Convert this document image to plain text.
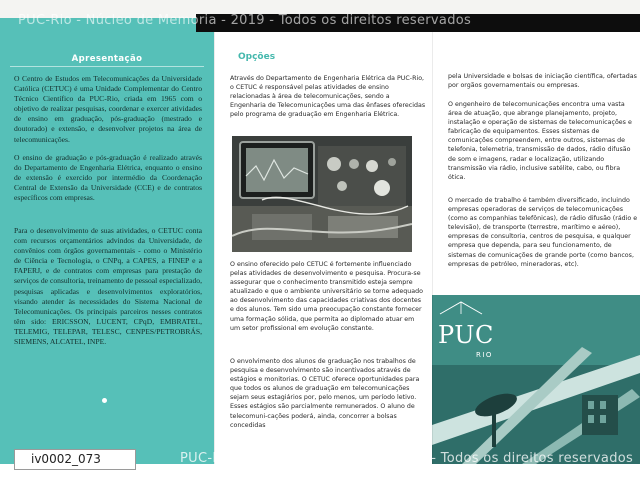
Apresentação

O Centro de Estudos em Telecomunicações da Universidade Católica (CETUC) é uma Unidade Complementar do Centro Técnico Científico da PUC-Rio, criada em 1965 com o objetivo de realizar pesquisas, coordenar e exercer atividades de ensino em graduação, pós-graduação (mestrado e doutorado) e extensão, e desenvolver projetos na área de telecomunicações.

O ensino de graduação e pós-graduação é realizado através do Departamento de Engenharia Elétrica, enquanto o ensino de extensão é exercido por intermédio da Coordenação Central de Extensão da Universidade (CCE) e de contratos específicos com empresas.

Para o desenvolvimento de suas atividades, o CETUC conta com recursos orçamentários advindos da Universidade, de convênios com órgãos governamentais - como o Ministério de Ciência e Tecnologia, o CNPq, a CAPES, a FINEP e a FAPERJ, e de contratos com empresas para prestação de serviços de consultoria, treinamento de pessoal especializado, pesquisas aplicadas e desenvolvimentos exploratórios, visando atender às necessidades do Sistema Nacional de Telecomunicações. Os principais parceiros nesses contratos têm sido: ERICSSON, LUCENT, CPqD, EMBRATEL, TELEMIG, TELEPAR, TELESC, CENPES/PETROBRÁS, SIEMENS, ALCATEL, INPE.

Opções

Através do Departamento de Engenharia Elétrica da PUC-Rio, o CETUC é responsável pelas atividades de ensino relacionadas à área de telecomunicações, sendo a Engenharia de Telecomunicações uma das ênfases oferecidas pelo programa de graduação em Engenharia Elétrica.

O ensino oferecido pelo CETUC é fortemente influenciado pelas atividades de desenvolvimento e pesquisa. Procura-se assegurar que o conhecimento transmitido esteja sempre atualizado e que o ambiente universitário se torne adequado ao desenvolvimento das capacidades criativas dos docentes e dos alunos. Tem sido uma preocupação constante fornecer uma formação sólida, que permita ao diplomado atuar em um setor profissional em evolução constante.

O envolvimento dos alunos de graduação nos trabalhos de pesquisa e desenvolvimento são incentivados através de estágios e monitorias. O CETUC oferece oportunidades para que todos os alunos de graduação em telecomunicações sejam seus estagiários por, pelo menos, um período letivo. Esses estágios são parcialmente remunerados. O aluno de telecomuni-cações poderá, ainda, concorrer a bolsas concedidas

pela Universidade e bolsas de iniciação científica, ofertadas por orgãos governamentais ou empresas.

O engenheiro de telecomunicações encontra uma vasta área de atuação, que abrange planejamento, projeto, instalação e operação de sistemas de telecomunicações e fabricação de equipamentos. Esses sistemas de comunicações compreendem, entre outros, sistemas de telefonia, telemetria, transmissão de dados, rádio difusão de som e imagens, radar e localização, utilizando transmissão via rádio, inclusive satélite, cabo, ou fibra ótica.

O mercado de trabalho é também diversificado, incluindo empresas operadoras de serviços de telecomunicações (como as companhias telefônicas), de rádio difusão (rádio e televisão), de transporte (terrestre, marítimo e aéreo), empresas de consultoria, centros de pesquisa, e qualquer empresa que dependa, para seu funcionamento, de sistemas de comunicações de grande porte (como bancos, empresas de petróleo, mineradoras, etc).

PUC
RIO
PUC-Rio - Núcleo de Memória - 2019 - Todos os direitos reservados
PUC-Rio - Núcleo de Memória - 2019 - Todos os direitos reservados
iv0002_073
